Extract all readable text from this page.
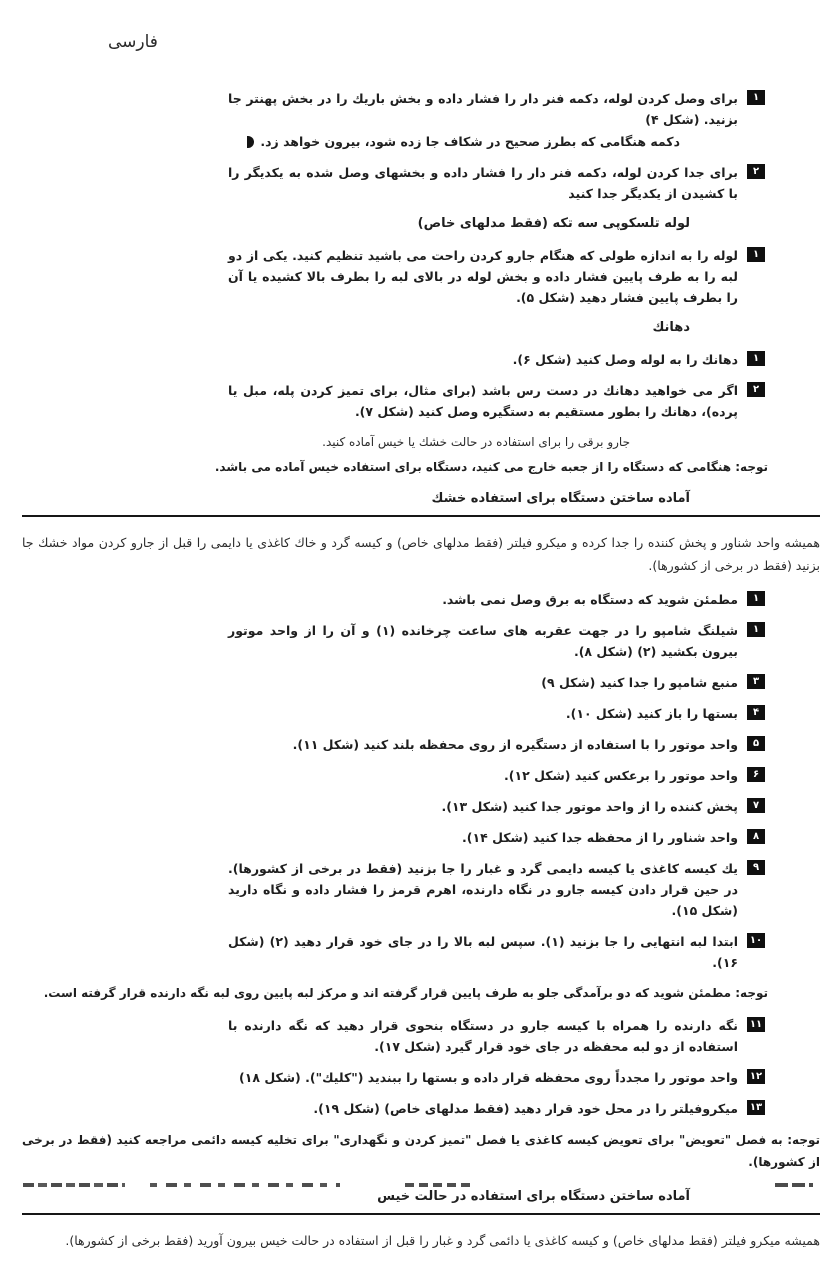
فارسی
۱
برای وصل كردن لوله، دكمه فنر دار را فشار داده و بخش باریك را در بخش پهنتر جا بزنید. (شكل ۴)
دكمه هنگامی كه بطرز صحیح در شكاف جا زده شود، بیرون خواهد زد.
۲
برای جدا كردن لوله، دكمه فنر دار را فشار داده و بخشهای وصل شده به یكدیگر را با كشیدن از یكدیگر جدا كنید
لوله تلسكوپی سه تكه (فقط مدلهای خاص)
۱
لوله را به اندازه طولی كه هنگام جارو كردن راحت می باشید تنظیم كنید. یكی از دو لبه را به طرف پایین فشار داده و بخش لوله در بالای لبه را بطرف بالا كشیده یا آن را بطرف پایین فشار دهید (شكل ۵).
دهانك
۱
دهانك را به لوله وصل كنید (شكل ۶).
۲
اگر می خواهید دهانك در دست رس باشد (برای مثال، برای تمیز كردن پله، مبل یا پرده)، دهانك را بطور مستقیم به دستگیره وصل كنید (شكل ۷).
جارو برقی را برای استفاده در حالت خشك یا خیس آماده كنید.
توجه: هنگامی كه دستگاه را از جعبه خارج می كنید، دستگاه برای استفاده خیس آماده می باشد.
آماده ساختن دستگاه برای استفاده خشك
همیشه واحد شناور و پخش كننده را جدا كرده و میكرو فیلتر (فقط مدلهای خاص) و كیسه گرد و خاك كاغذی یا دایمی را قبل از جارو كردن مواد خشك جا بزنید (فقط در برخی از كشورها).
۱
مطمئن شوید كه دستگاه به برق وصل نمی باشد.
۱
شیلنگ شامپو را در جهت عقربه های ساعت چرخانده (۱) و آن را از واحد موتور بیرون بكشید (۲) (شكل ۸).
۳
منبع شامپو را جدا كنید (شكل ۹)
۴
بستها را باز كنید (شكل ۱۰).
۵
واحد موتور را با استفاده از دستگیره از روی محفظه بلند كنید (شكل ۱۱).
۶
واحد موتور را برعكس كنید (شكل ۱۲).
۷
پخش كننده را از واحد موتور جدا كنید (شكل ۱۳).
۸
واحد شناور را از محفظه جدا كنید (شكل ۱۴).
۹
یك كیسه كاغذی یا كیسه دایمی گرد و غبار را جا بزنید (فقط در برخی از كشورها). در حین قرار دادن كیسه جارو در نگاه دارنده، اهرم قرمز را فشار داده و نگاه دارید (شكل ۱۵).
۱۰
ابتدا لبه انتهایی را جا بزنید (۱). سپس لبه بالا را در جای خود قرار دهید (۲) (شكل ۱۶).
توجه: مطمئن شوید كه دو برآمدگی جلو به طرف پایین قرار گرفته اند و مركز لبه پایین روی لبه نگه دارنده قرار گرفته است.
۱۱
نگه دارنده را همراه با كیسه جارو در دستگاه بنحوی قرار دهید كه نگه دارنده با استفاده از دو لبه محفظه در جای خود قرار گیرد (شكل ۱۷).
۱۲
واحد موتور را مجدداً روی محفظه قرار داده و بستها را ببندید ("كلیك"). (شكل ۱۸)
۱۳
میكروفیلتر را در محل خود قرار دهید (فقط مدلهای خاص) (شكل ۱۹).
توجه: به فصل "تعویض" برای تعویض كیسه كاغذی یا فصل "تمیز كردن و نگهداری" برای تخلیه كیسه دائمی مراجعه كنید (فقط در برخی از كشورها).
آماده ساختن دستگاه برای استفاده در حالت خیس
همیشه میكرو فیلتر (فقط مدلهای خاص) و كیسه كاغذی یا دائمی گرد و غبار را قبل از استفاده در حالت خیس بیرون آورید (فقط برخی از كشورها).
